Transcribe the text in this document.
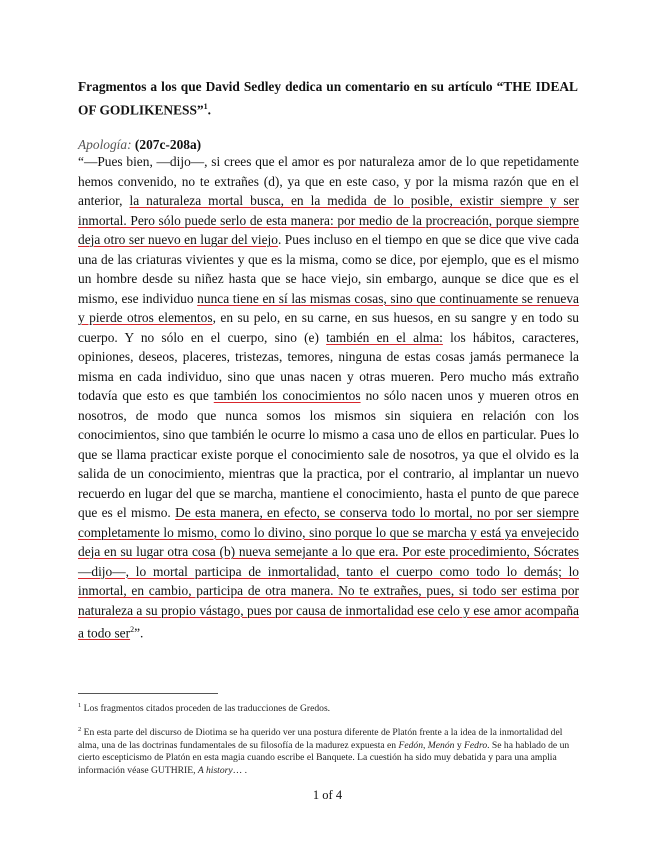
Fragmentos a los que David Sedley dedica un comentario en su artículo “THE IDEAL OF GODLIKENESS”$^1$.
Apología: (207c-208a)
“—Pues bien, —dijo—, si crees que el amor es por naturaleza amor de lo que repetidamente hemos convenido, no te extrañes (d), ya que en este caso, y por la misma razón que en el anterior, la naturaleza mortal busca, en la medida de lo posible, existir siempre y ser inmortal. Pero sólo puede serlo de esta manera: por medio de la procreación, porque siempre deja otro ser nuevo en lugar del viejo. Pues incluso en el tiempo en que se dice que vive cada una de las criaturas vivientes y que es la misma, como se dice, por ejemplo, que es el mismo un hombre desde su niñez hasta que se hace viejo, sin embargo, aunque se dice que es el mismo, ese individuo nunca tiene en sí las mismas cosas, sino que continuamente se renueva y pierde otros elementos, en su pelo, en su carne, en sus huesos, en su sangre y en todo su cuerpo. Y no sólo en el cuerpo, sino (e) también en el alma: los hábitos, caracteres, opiniones, deseos, placeres, tristezas, temores, ninguna de estas cosas jamás permanece la misma en cada individuo, sino que unas nacen y otras mueren. Pero mucho más extraño todavía que esto es que también los conocimientos no sólo nacen unos y mueren otros en nosotros, de modo que nunca somos los mismos sin siquiera en relación con los conocimientos, sino que también le ocurre lo mismo a casa uno de ellos en particular. Pues lo que se llama practicar existe porque el conocimiento sale de nosotros, ya que el olvido es la salida de un conocimiento, mientras que la practica, por el contrario, al implantar un nuevo recuerdo en lugar del que se marcha, mantiene el conocimiento, hasta el punto de que parece que es el mismo. De esta manera, en efecto, se conserva todo lo mortal, no por ser siempre completamente lo mismo, como lo divino, sino porque lo que se marcha y está ya envejecido deja en su lugar otra cosa (b) nueva semejante a lo que era. Por este procedimiento, Sócrates —dijo—, lo mortal participa de inmortalidad, tanto el cuerpo como todo lo demás; lo inmortal, en cambio, participa de otra manera. No te extrañes, pues, si todo ser estima por naturaleza a su propio vástago, pues por causa de inmortalidad ese celo y ese amor acompaña a todo ser$^2$”.
$^1$ Los fragmentos citados proceden de las traducciones de Gredos.
$^2$ En esta parte del discurso de Diotima se ha querido ver una postura diferente de Platón frente a la idea de la inmortalidad del alma, una de las doctrinas fundamentales de su filosofía de la madurez expuesta en Fedón, Menón y Fedro. Se ha hablado de un cierto escepticismo de Platón en esta magia cuando escribe el Banquete. La cuestión ha sido muy debatida y para una amplia información véase GUTHRIE, A history… .
1 of 4
